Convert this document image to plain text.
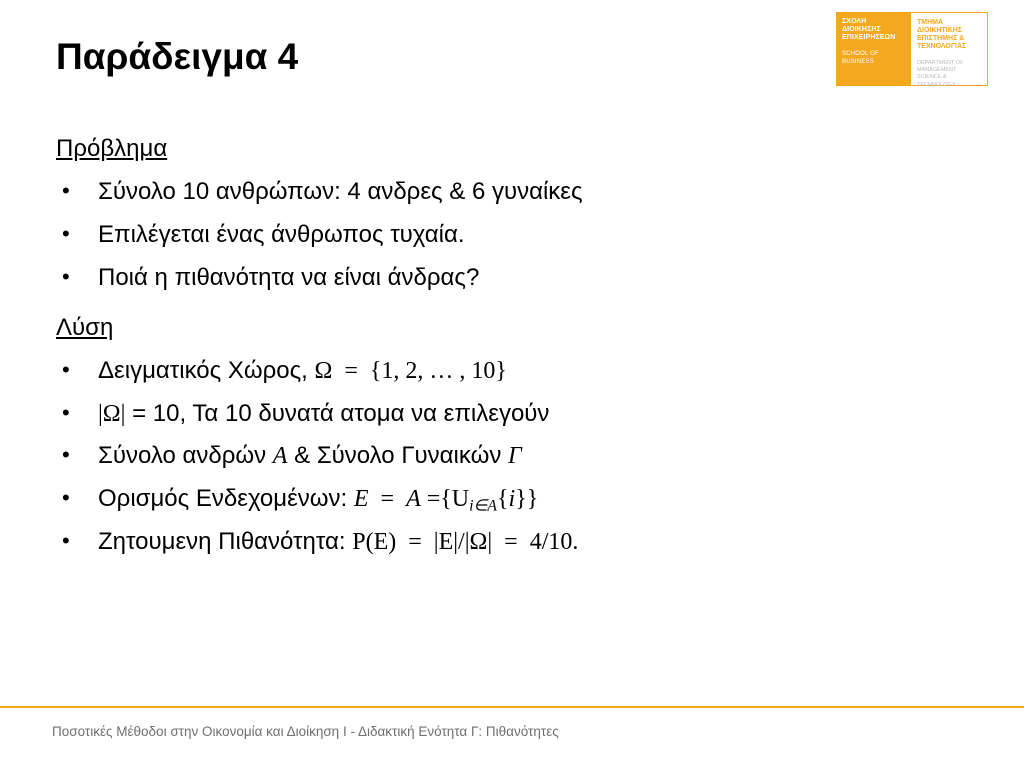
ΣΧΟΛΗ ΔΙΟΙΚΗΣΗΣ ΕΠΙΧΕΙΡΗΣΕΩΝ
SCHOOL OF BUSINESS
ΤΜΗΜΑ ΔΙΟΙΚΗΤΙΚΗΣ ΕΠΙΣΤΗΜΗΣ & ΤΕΧΝΟΛΟΓΙΑΣ
DEPARTMENT OF MANAGEMENT SCIENCE & TECHNOLOGY
Παράδειγμα 4
Πρόβλημα
• Σύνολο 10 ανθρώπων: 4 ανδρες & 6 γυναίκες
• Επιλέγεται ένας άνθρωπος τυχαία.
• Ποιά η πιθανότητα να είναι άνδρας?
Λύση
• Δειγματικός Χώρος, Ω  =  {1, 2, … , 10}
• |Ω| = 10, Τα 10 δυνατά ατομα να επιλεγούν
• Σύνολο ανδρών A & Σύνολο Γυναικών Γ
• Ορισμός Ενδεχομένων: $E = A =\{U_{i\in A}\{i\}\}$
• Ζητουμενη Πιθανότητα: Ρ(Ε)  =  |Ε|/|Ω|  =  4/10.
Ποσοτικές Μέθοδοι στην Οικονομία και Διοίκηση Ι - Διδακτική Ενότητα Γ: Πιθανότητες
